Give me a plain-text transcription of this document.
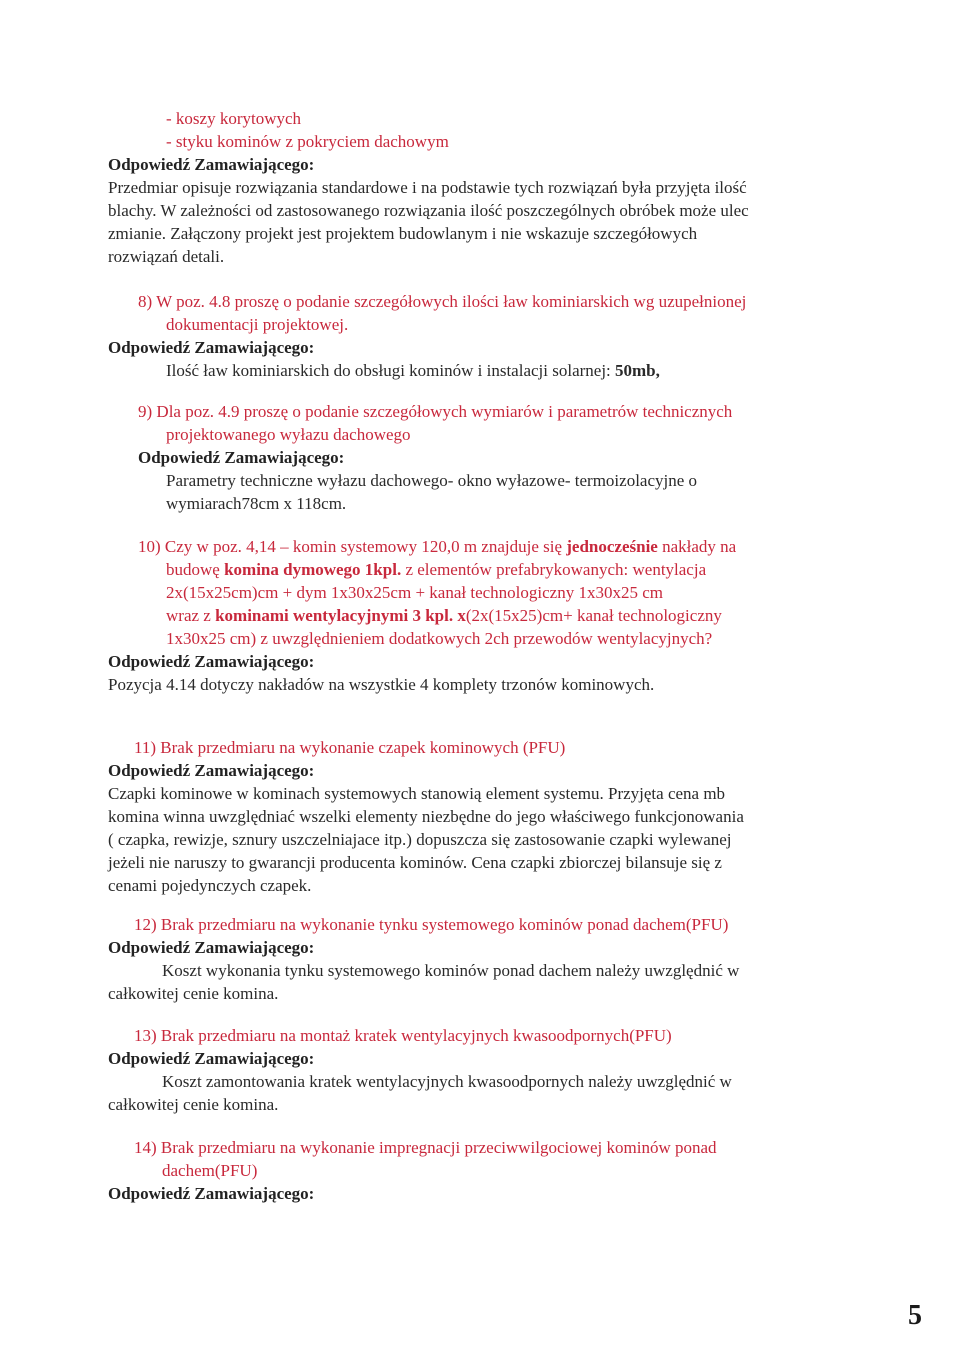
- koszy korytowych
- styku kominów z pokryciem dachowym
Odpowiedź Zamawiającego:
Przedmiar opisuje rozwiązania standardowe i na podstawie tych rozwiązań była przyjęta ilość
blachy. W zależności od zastosowanego rozwiązania ilość poszczególnych obróbek może ulec
zmianie. Załączony projekt jest projektem budowlanym i nie wskazuje szczegółowych
rozwiązań detali.
8) W poz. 4.8 proszę o podanie szczegółowych ilości ław kominiarskich wg uzupełnionej
dokumentacji projektowej.
Odpowiedź Zamawiającego:
Ilość ław kominiarskich do obsługi kominów i instalacji solarnej: 50mb,
9) Dla poz. 4.9 proszę o podanie szczegółowych wymiarów i parametrów technicznych
projektowanego wyłazu dachowego
Odpowiedź Zamawiającego:
Parametry techniczne wyłazu dachowego- okno wyłazowe- termoizolacyjne o
wymiarach78cm x 118cm.
10) Czy w poz. 4,14 – komin systemowy 120,0 m znajduje się jednocześnie nakłady na
budowę komina dymowego 1kpl. z elementów prefabrykowanych: wentylacja
2x(15x25cm)cm + dym 1x30x25cm + kanał technologiczny 1x30x25 cm
wraz z kominami wentylacyjnymi 3 kpl. x(2x(15x25)cm+ kanał technologiczny
1x30x25 cm) z uwzględnieniem dodatkowych 2ch przewodów wentylacyjnych?
Odpowiedź Zamawiającego:
Pozycja 4.14 dotyczy nakładów na wszystkie 4 komplety trzonów kominowych.
11) Brak przedmiaru na wykonanie czapek kominowych (PFU)
Odpowiedź Zamawiającego:
Czapki kominowe w kominach systemowych stanowią element systemu. Przyjęta cena mb
komina winna uwzględniać wszelki elementy niezbędne do jego właściwego funkcjonowania
( czapka, rewizje, sznury uszczelniajace itp.) dopuszcza się zastosowanie czapki wylewanej
jeżeli nie naruszy to gwarancji producenta kominów. Cena czapki zbiorczej bilansuje się z
cenami pojedynczych czapek.
12) Brak przedmiaru na wykonanie tynku systemowego kominów ponad dachem(PFU)
Odpowiedź Zamawiającego:
Koszt wykonania tynku systemowego kominów ponad dachem należy uwzględnić w
całkowitej cenie komina.
13) Brak przedmiaru na montaż kratek wentylacyjnych kwasoodpornych(PFU)
Odpowiedź Zamawiającego:
Koszt zamontowania kratek wentylacyjnych kwasoodpornych należy uwzględnić w
całkowitej cenie komina.
14) Brak przedmiaru na wykonanie impregnacji przeciwwilgociowej kominów ponad
dachem(PFU)
Odpowiedź Zamawiającego:
5
